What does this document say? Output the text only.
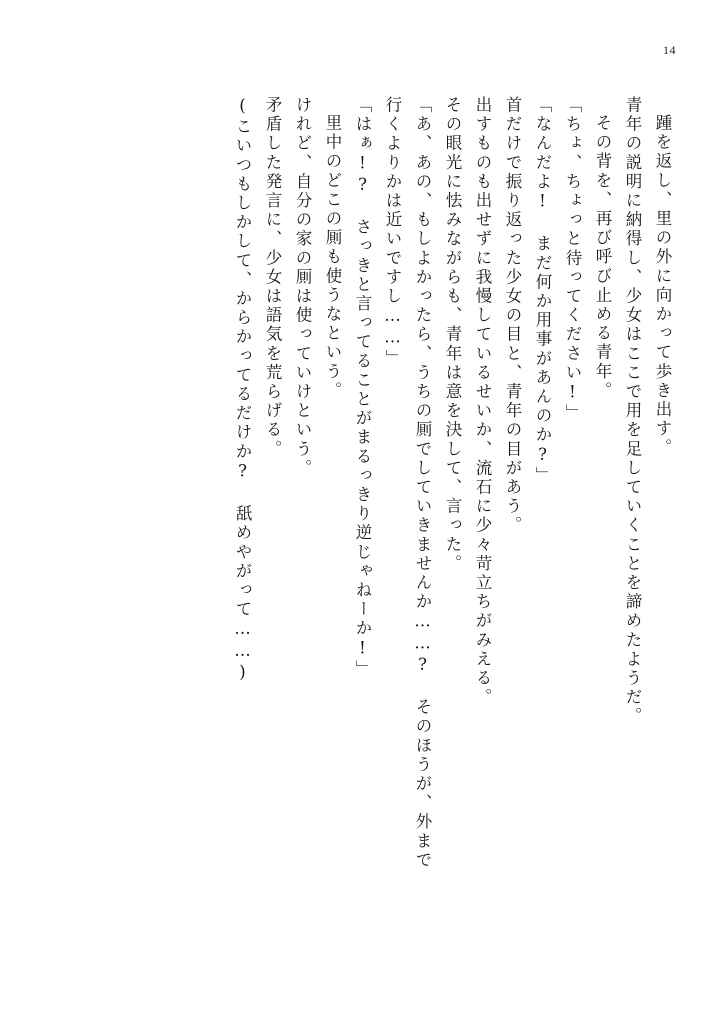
14
踵を返し、里の外に向かって歩き出す。
青年の説明に納得し、少女はここで用を足していくことを諦めたようだ。
その背を、再び呼び止める青年。
「ちょ、ちょっと待ってください!」
「なんだよ! まだ何か用事があんのか?」
首だけで振り返った少女の目と、青年の目があう。
出すものも出せずに我慢しているせいか、流石に少々苛立ちがみえる。
その眼光に怯みながらも、青年は意を決して、言った。
「あ、あの、もしよかったら、うちの厠でしていきませんか……? そのほうが、外まで
行くよりかは近いですし……」
「はぁ!? さっきと言ってることがまるっきり逆じゃねーか!」
里中のどこの厠も使うなという。
けれど、自分の家の厠は使っていけという。
矛盾した発言に、少女は語気を荒らげる。
(こいつもしかして、からかってるだけか? 舐めやがって……)
